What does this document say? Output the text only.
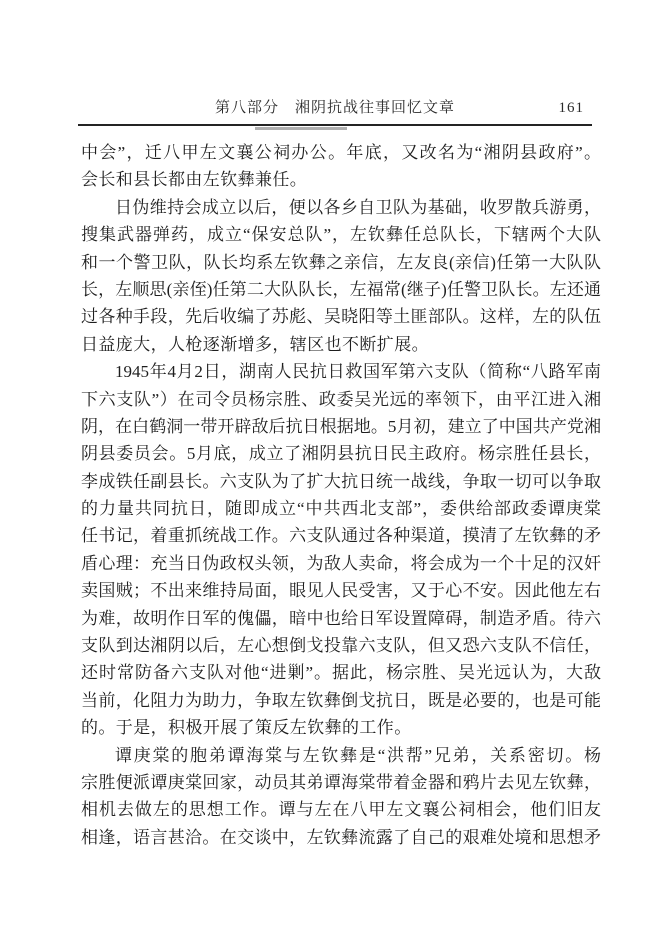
第八部分　湘阴抗战往事回忆文章	161
中会”，迁八甲左文襄公祠办公。年底，又改名为“湘阴县政府”。
会长和县长都由左钦彝兼任。
日伪维持会成立以后，便以各乡自卫队为基础，收罗散兵游勇，
搜集武器弹药，成立“保安总队”，左钦彝任总队长，下辖两个大队
和一个警卫队，队长均系左钦彝之亲信，左友良(亲信)任第一大队队
长，左顺思(亲侄)任第二大队队长，左福常(继子)任警卫队长。左还通
过各种手段，先后收编了苏彪、吴晓阳等土匪部队。这样，左的队伍
日益庞大，人枪逐渐增多，辖区也不断扩展。
1945年4月2日，湖南人民抗日救国军第六支队（简称“八路军南
下六支队”）在司令员杨宗胜、政委吴光远的率领下，由平江进入湘
阴，在白鹤洞一带开辟敌后抗日根据地。5月初，建立了中国共产党湘
阴县委员会。5月底，成立了湘阴县抗日民主政府。杨宗胜任县长，
李成铁任副县长。六支队为了扩大抗日统一战线，争取一切可以争取
的力量共同抗日，随即成立“中共西北支部”，委供给部政委谭庚棠
任书记，着重抓统战工作。六支队通过各种渠道，摸清了左钦彝的矛
盾心理：充当日伪政权头领，为敌人卖命，将会成为一个十足的汉奸
卖国贼；不出来维持局面，眼见人民受害，又于心不安。因此他左右
为难，故明作日军的傀儡，暗中也给日军设置障碍，制造矛盾。待六
支队到达湘阴以后，左心想倒戈投靠六支队，但又恐六支队不信任，
还时常防备六支队对他“进剿”。据此，杨宗胜、吴光远认为，大敌
当前，化阻力为助力，争取左钦彝倒戈抗日，既是必要的，也是可能
的。于是，积极开展了策反左钦彝的工作。
谭庚棠的胞弟谭海棠与左钦彝是“洪帮”兄弟，关系密切。杨
宗胜便派谭庚棠回家，动员其弟谭海棠带着金器和鸦片去见左钦彝，
相机去做左的思想工作。谭与左在八甲左文襄公祠相会，他们旧友
相逢，语言甚洽。在交谈中，左钦彝流露了自己的艰难处境和思想矛
